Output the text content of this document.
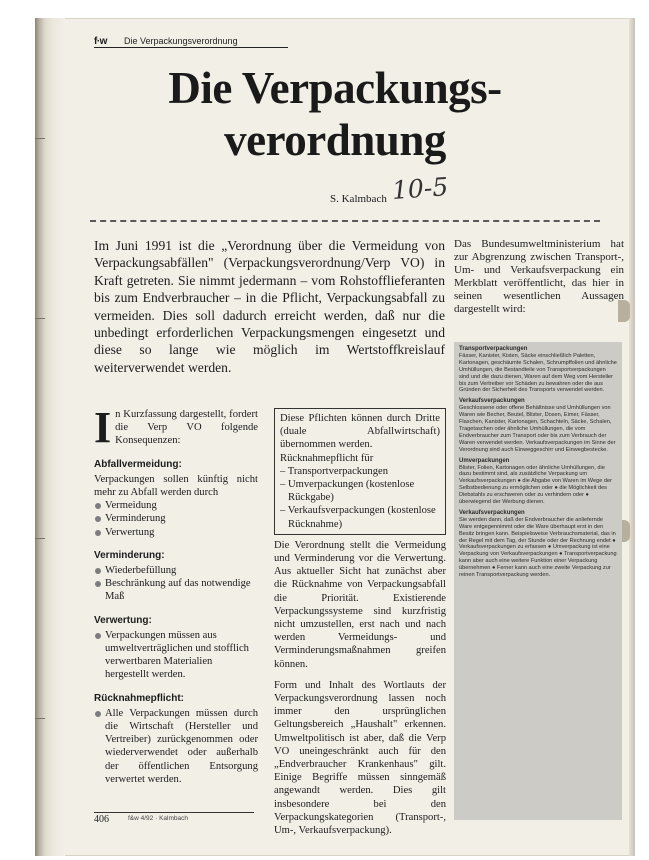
f·w Die Verpackungsverordnung
Die Verpackungs-
verordnung
S. Kalmbach 10-5

Im Juni 1991 ist die „Verordnung über die Vermeidung von Verpackungsabfällen" (Verpackungsverordnung/Verp VO) in Kraft getreten. Sie nimmt jedermann – vom Rohstofflieferanten bis zum Endverbraucher – in die Pflicht, Verpackungsabfall zu vermeiden. Dies soll dadurch erreicht werden, daß nur die unbedingt erforderlichen Verpackungsmengen eingesetzt und diese so lange wie möglich im Wertstoffkreislauf weiterverwendet werden.

Das Bundesumweltministerium hat zur Abgrenzung zwischen Transport-, Um- und Verkaufsverpackung ein Merkblatt veröffentlicht, das hier in seinen wesentlichen Aussagen dargestellt wird:

In Kurzfassung dargestellt, fordert die Verp VO folgende Konsequenzen:

Abfallvermeidung:

Verpackungen sollen künftig nicht mehr zu Abfall werden durch

Vermeidung
Verminderung
Verwertung
Verminderung:
Wiederbefüllung
Beschränkung auf das notwendige Maß
Verwertung:
Verpackungen müssen aus umweltverträglichen und stofflich verwertbaren Materialien hergestellt werden.
Rücknahmepflicht:
Alle Verpackungen müssen durch die Wirtschaft (Hersteller und Vertreiber) zurückgenommen oder wiederverwendet oder außerhalb der öffentlichen Entsorgung verwertet werden.

Diese Pflichten können durch Dritte (duale Abfallwirtschaft) übernommen werden.

Rücknahmepflicht für

– Transportverpackungen
– Umverpackungen (kostenlose Rückgabe)
– Verkaufsverpackungen (kostenlose Rücknahme)

Die Verordnung stellt die Vermeidung und Verminderung vor die Verwertung. Aus aktueller Sicht hat zunächst aber die Rücknahme von Verpackungsabfall die Priorität. Existierende Verpackungssysteme sind kurzfristig nicht umzustellen, erst nach und nach werden Vermeidungs- und Verminderungsmaßnahmen greifen können.

Form und Inhalt des Wortlauts der Verpackungsverordnung lassen noch immer den ursprünglichen Geltungsbereich „Haushalt" erkennen. Umweltpolitisch ist aber, daß die Verp VO uneingeschränkt auch für den „Endverbraucher Krankenhaus" gilt. Einige Begriffe müssen sinngemäß angewandt werden. Dies gilt insbesondere bei den Verpackungskategorien (Transport-, Um-, Verkaufsverpackung).

Transportverpackungen

Fässer, Kanister, Kisten, Säcke einschließlich Paletten, Kartonagen, geschäumte Schalen, Schrumpffolien und ähnliche Umhüllungen, die Bestandteile von Transportverpackungen sind und die dazu dienen, Waren auf dem Weg vom Hersteller bis zum Vertreiber vor Schäden zu bewahren oder die aus Gründen der Sicherheit des Transports verwendet werden.

Verkaufsverpackungen

Geschlossene oder offene Behältnisse und Umhüllungen von Waren wie Becher, Beutel, Blister, Dosen, Eimer, Fässer, Flaschen, Kanister, Kartonagen, Schachteln, Säcke, Schalen, Tragetaschen oder ähnliche Umhüllungen, die vom Endverbraucher zum Transport oder bis zum Verbrauch der Waren verwendet werden. Verkaufsverpackungen im Sinne der Verordnung sind auch Einweggeschirr und Einwegbestecke.

Umverpackungen

Blister, Folien, Kartonagen oder ähnliche Umhüllungen, die dazu bestimmt sind, als zusätzliche Verpackung um Verkaufsverpackungen ● die Abgabe von Waren im Wege der Selbstbedienung zu ermöglichen oder ● die Möglichkeit des Diebstahls zu erschweren oder zu verhindern oder ● überwiegend der Werbung dienen.

Verkaufsverpackungen

Sie werden dann, daß der Endverbraucher die anliefernde Ware entgegennimmt oder die Ware überhaupt erst in den Besitz bringen kann. Beispielsweise Verbrauchsmaterial, das in der Regel mit dem Tag, der Stunde oder der Rechnung endet ● Verkaufsverpackungen zu erfassen ● Umverpackung ist eine Verpackung von Verkaufsverpackungen ● Transportverpackung kann aber auch eine weitere Funktion einer Verpackung übernehmen ● Ferner kann auch eine zweite Verpackung zur reinen Transportverpackung werden.

406	f&w 4/92 · Kalmbach
